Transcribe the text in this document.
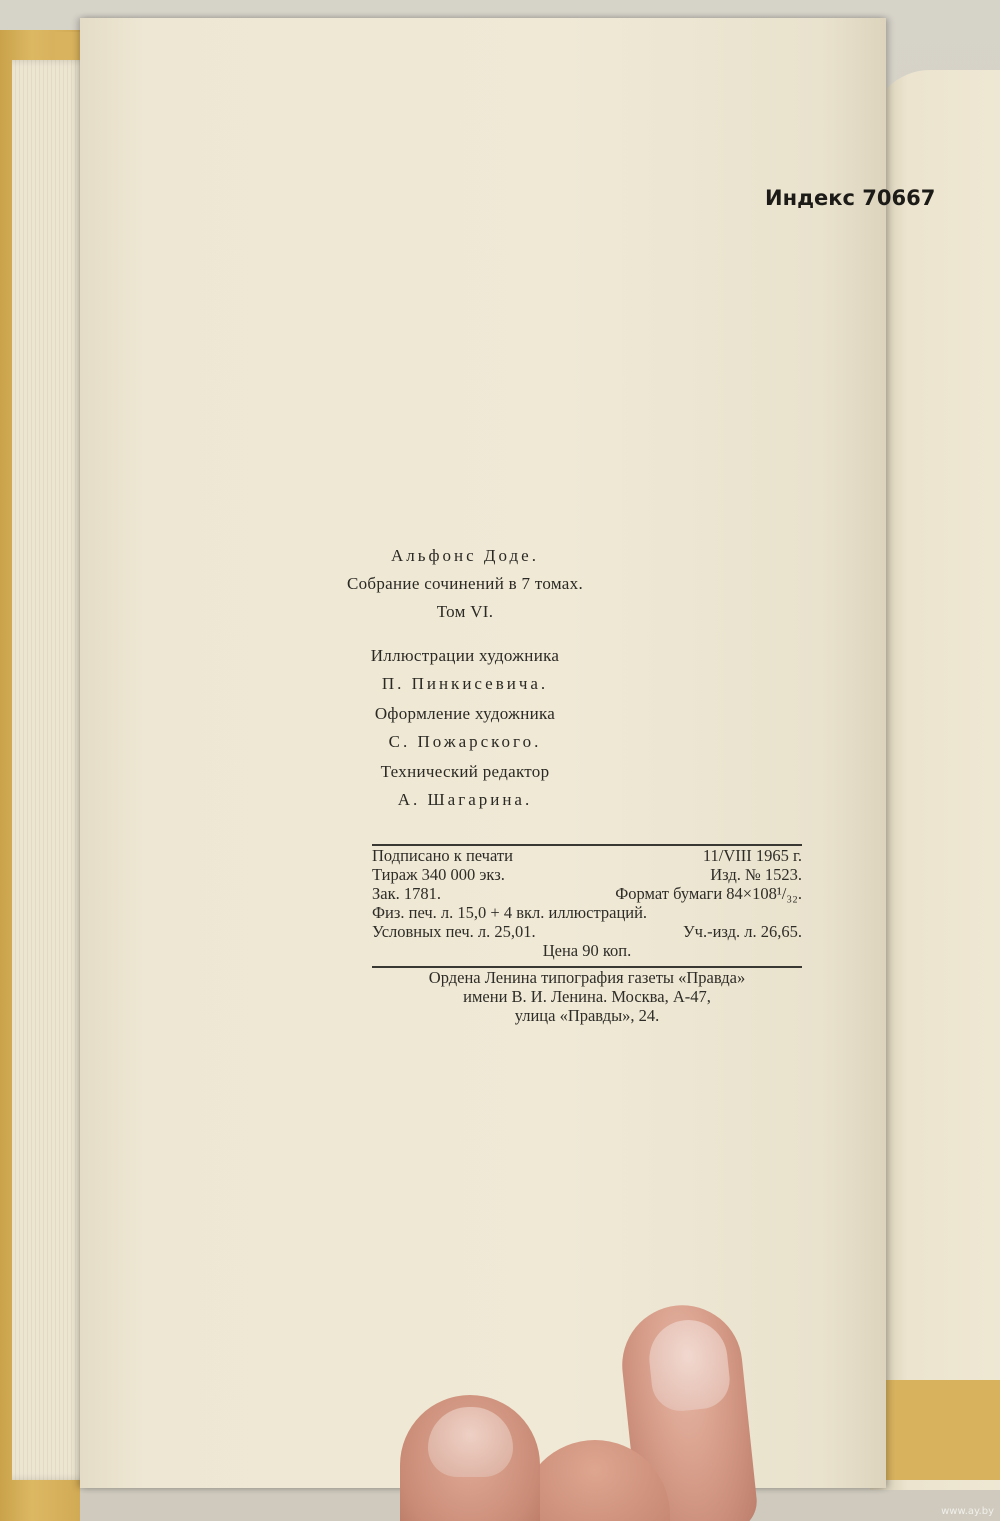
Индекс 70667
Альфонс Доде.
Собрание сочинений в 7 томах.
Том VI.
Иллюстрации художника
П. Пинкисевича.
Оформление художника
С. Пожарского.
Технический редактор
А. Шагарина.
Подписано к печати	11/VIII 1965 г.
Тираж 340 000 экз.	Изд. № 1523.
Зак. 1781.	Формат бумаги 84×108¹/₃₂.
Физ. печ. л. 15,0 + 4 вкл. иллюстраций.
Условных печ. л. 25,01.	Уч.-изд. л. 26,65.
Цена 90 коп.
Ордена Ленина типография газеты «Правда»
имени В. И. Ленина. Москва, А-47,
улица «Правды», 24.
www.ay.by
